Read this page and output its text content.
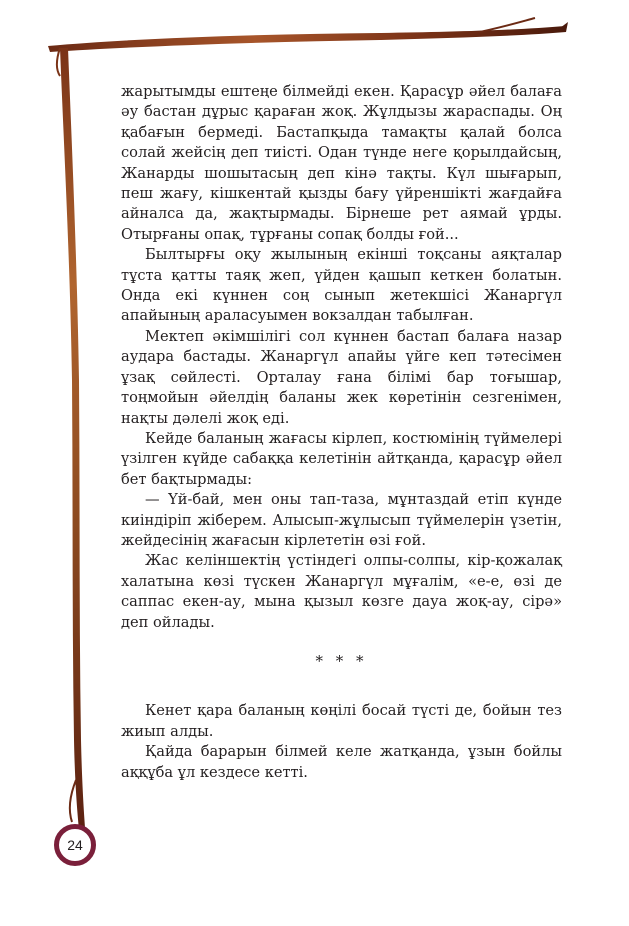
жарытымды ештеңе білмейді екен. Қарасұр әйел балаға әу бастан дұрыс қараған жоқ. Жұлдызы жараспады. Оң қабағын бермеді. Бастапқыда тамақты қалай болса солай жейсің деп тиісті. Одан түнде неге қорылдайсың, Жанарды шошытасың деп кінә тақты. Күл шығарып, пеш жағу, кішкентай қызды бағу үйреншікті жағдайға айналса да, жақтырмады. Бірнеше рет аямай ұрды. Отырғаны опақ, тұрғаны сопақ болды ғой...

Былтырғы оқу жылының екінші тоқсаны аяқталар тұста қатты таяқ жеп, үйден қашып кеткен болатын. Онда екі күннен соң сынып жетекшісі Жанаргүл апайының араласуымен вокзалдан табылған.

Мектеп әкімшілігі сол күннен бастап балаға назар аудара бастады. Жанаргүл апайы үйге кеп тәтесімен ұзақ сөйлесті. Орталау ғана білімі бар тоғышар, тоңмойын әйелдің баланы жек көретінін сезгенімен, нақты дәлелі жоқ еді.

Кейде баланың жағасы кірлеп, костюмінің түймелері үзілген күйде сабаққа келетінін айтқанда, қарасұр әйел бет бақтырмады:

— Үй-бай, мен оны тап-таза, мұнтаздай етіп күнде киіндіріп жіберем. Алысып-жұлысып түймелерін үзетін, жейдесінің жағасын кірлететін өзі ғой.

Жас келіншектің үстіндегі олпы-солпы, кір-қожалақ халатына көзі түскен Жанаргүл мұғалім, «е-е, өзі де саппас екен-ау, мына қызыл көзге дауа жоқ-ау, сірә» деп ойлады.

* * *

Кенет қара баланың көңілі босай түсті де, бойын тез жиып алды.

Қайда барарын білмей келе жатқанда, ұзын бойлы аққұба ұл кездесе кетті.

24
